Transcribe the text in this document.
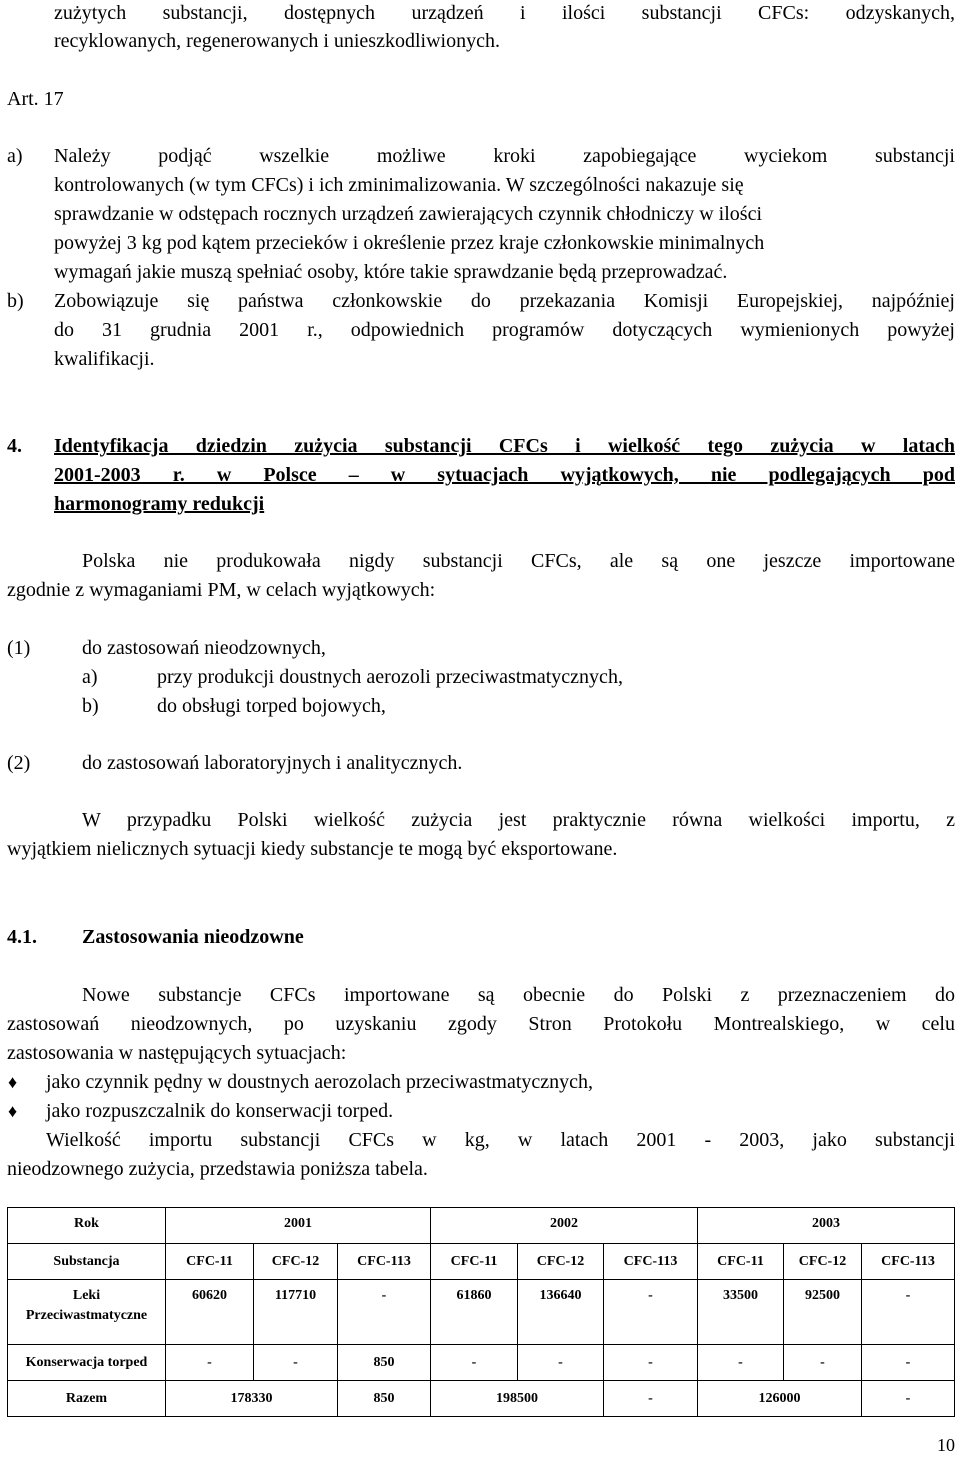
zużytych substancji, dostępnych urządzeń i ilości substancji CFCs: odzyskanych,
recyklowanych, regenerowanych i unieszkodliwionych.
Art. 17
a) Należy podjąć wszelkie możliwe kroki zapobiegające wyciekom substancji
kontrolowanych (w tym CFCs) i ich zminimalizowania. W szczególności nakazuje się
sprawdzanie w odstępach rocznych urządzeń zawierających czynnik chłodniczy w ilości
powyżej 3 kg pod kątem przecieków i określenie przez kraje członkowskie minimalnych
wymagań jakie muszą spełniać osoby, które takie sprawdzanie będą przeprowadzać.
b) Zobowiązuje się państwa członkowskie do przekazania Komisji Europejskiej, najpóźniej
do 31 grudnia 2001 r., odpowiednich programów dotyczących wymienionych powyżej
kwalifikacji.
4. Identyfikacja dziedzin zużycia substancji CFCs i wielkość tego zużycia w latach
2001-2003 r. w Polsce – w sytuacjach wyjątkowych, nie podlegających pod
harmonogramy redukcji
Polska nie produkowała nigdy substancji CFCs, ale są one jeszcze importowane
zgodnie z wymaganiami PM, w celach wyjątkowych:
(1)	do zastosowań nieodzownych,
a)	przy produkcji doustnych aerozoli przeciwastmatycznych,
b)	do obsługi torped bojowych,
(2)	do zastosowań laboratoryjnych i analitycznych.
W przypadku Polski wielkość zużycia jest praktycznie równa wielkości importu, z
wyjątkiem nielicznych sytuacji kiedy substancje te mogą być eksportowane.
4.1. Zastosowania nieodzowne
Nowe substancje CFCs importowane są obecnie do Polski z przeznaczeniem do
zastosowań nieodzownych, po uzyskaniu zgody Stron Protokołu Montrealskiego, w celu
zastosowania w następujących sytuacjach:
♦ jako czynnik pędny w doustnych aerozolach przeciwastmatycznych,
♦ jako rozpuszczalnik do konserwacji torped.
Wielkość importu substancji CFCs w kg, w latach 2001 - 2003, jako substancji
nieodzownego zużycia, przedstawia poniższa tabela.
Rok	2001			2002			2003		
Substancja	CFC-11	CFC-12	CFC-113	CFC-11	CFC-12	CFC-113	CFC-11	CFC-12	CFC-113
Leki
Przeciwastmatyczne	60620	117710	-	61860	136640	-	33500	92500	-
Konserwacja torped	-	-	850	-	-	-	-	-	-
Razem	178330		850	198500		-	126000		-
10
